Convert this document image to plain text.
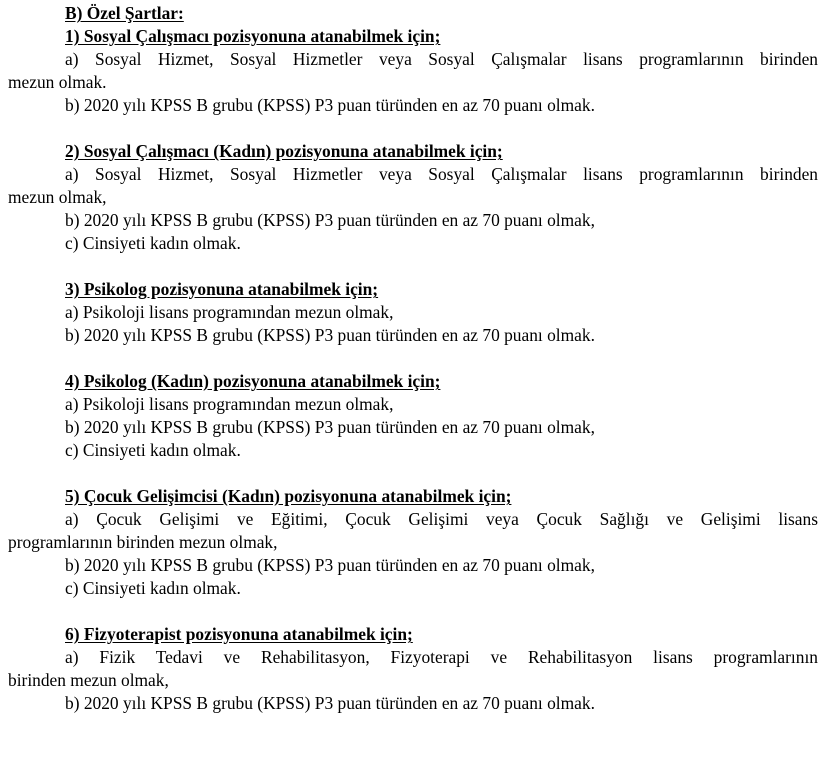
B) Özel Şartlar:
1) Sosyal Çalışmacı pozisyonuna atanabilmek için;
a) Sosyal Hizmet, Sosyal Hizmetler veya Sosyal Çalışmalar lisans programlarının birinden
mezun olmak.
b) 2020 yılı KPSS B grubu (KPSS) P3 puan türünden en az 70 puanı olmak.
2) Sosyal Çalışmacı (Kadın) pozisyonuna atanabilmek için;
a) Sosyal Hizmet, Sosyal Hizmetler veya Sosyal Çalışmalar lisans programlarının birinden
mezun olmak,
b) 2020 yılı KPSS B grubu (KPSS) P3 puan türünden en az 70 puanı olmak,
c) Cinsiyeti kadın olmak.
3) Psikolog pozisyonuna atanabilmek için;
a) Psikoloji lisans programından mezun olmak,
b) 2020 yılı KPSS B grubu (KPSS) P3 puan türünden en az 70 puanı olmak.
4) Psikolog (Kadın) pozisyonuna atanabilmek için;
a) Psikoloji lisans programından mezun olmak,
b) 2020 yılı KPSS B grubu (KPSS) P3 puan türünden en az 70 puanı olmak,
c) Cinsiyeti kadın olmak.
5) Çocuk Gelişimcisi (Kadın) pozisyonuna atanabilmek için;
a) Çocuk Gelişimi ve Eğitimi, Çocuk Gelişimi veya Çocuk Sağlığı ve Gelişimi lisans
programlarının birinden mezun olmak,
b) 2020 yılı KPSS B grubu (KPSS) P3 puan türünden en az 70 puanı olmak,
c) Cinsiyeti kadın olmak.
6) Fizyoterapist pozisyonuna atanabilmek için;
a) Fizik Tedavi ve Rehabilitasyon, Fizyoterapi ve Rehabilitasyon lisans programlarının
birinden mezun olmak,
b) 2020 yılı KPSS B grubu (KPSS) P3 puan türünden en az 70 puanı olmak.
